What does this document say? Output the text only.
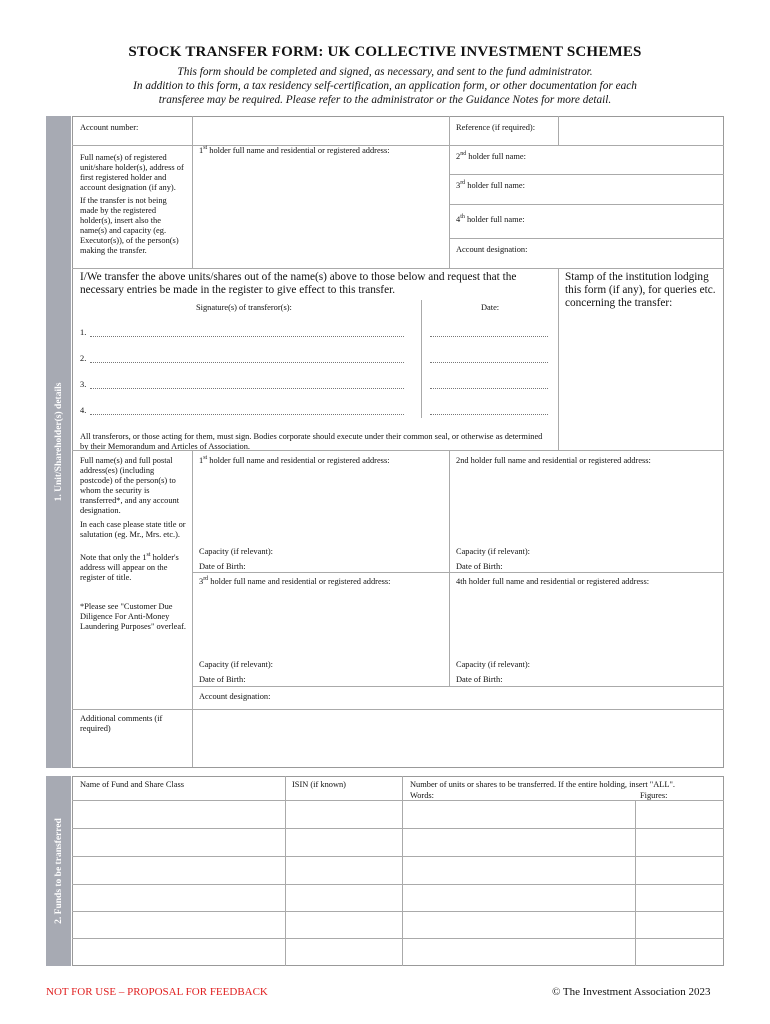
STOCK TRANSFER FORM: UK COLLECTIVE INVESTMENT SCHEMES
This form should be completed and signed, as necessary, and sent to the fund administrator.
In addition to this form, a tax residency self-certification, an application form, or other documentation for each
transferee may be required. Please refer to the administrator or the Guidance Notes for more detail.
1. Unit/Shareholder(s) details
Account number:	Reference (if required):
Full name(s) of registered unit/share holder(s), address of first registered holder and account designation (if any).
If the transfer is not being made by the registered holder(s), insert also the name(s) and capacity (eg. Executor(s)), of the person(s) making the transfer.
1st holder full name and residential or registered address:
2nd holder full name:
3rd holder full name:
4th holder full name:
Account designation:
I/We transfer the above units/shares out of the name(s) above to those below and request that the necessary entries be made in the register to give effect to this transfer.
Stamp of the institution lodging this form (if any), for queries etc. concerning the transfer:
Signature(s) of transferor(s):	Date:
1.
2.
3.
4.
All transferors, or those acting for them, must sign. Bodies corporate should execute under their common seal, or otherwise as determined by their Memorandum and Articles of Association.
Full name(s) and full postal address(es) (including postcode) of the person(s) to whom the security is transferred*, and any account designation.
In each case please state title or salutation (eg. Mr., Mrs. etc.).
Note that only the 1st holder's address will appear on the register of title.
*Please see "Customer Due Diligence For Anti-Money Laundering Purposes" overleaf.
1st holder full name and residential or registered address:	2nd holder full name and residential or registered address:
Capacity (if relevant):	Capacity (if relevant):
Date of Birth:	Date of Birth:
3rd holder full name and residential or registered address:	4th holder full name and residential or registered address:
Capacity (if relevant):	Capacity (if relevant):
Date of Birth:	Date of Birth:
Account designation:
Additional comments (if required)
2. Funds to be transferred
Name of Fund and Share Class	ISIN (if known)	Number of units or shares to be transferred. If the entire holding, insert "ALL".
Words:	Figures:
NOT FOR USE – PROPOSAL FOR FEEDBACK	© The Investment Association 2023
